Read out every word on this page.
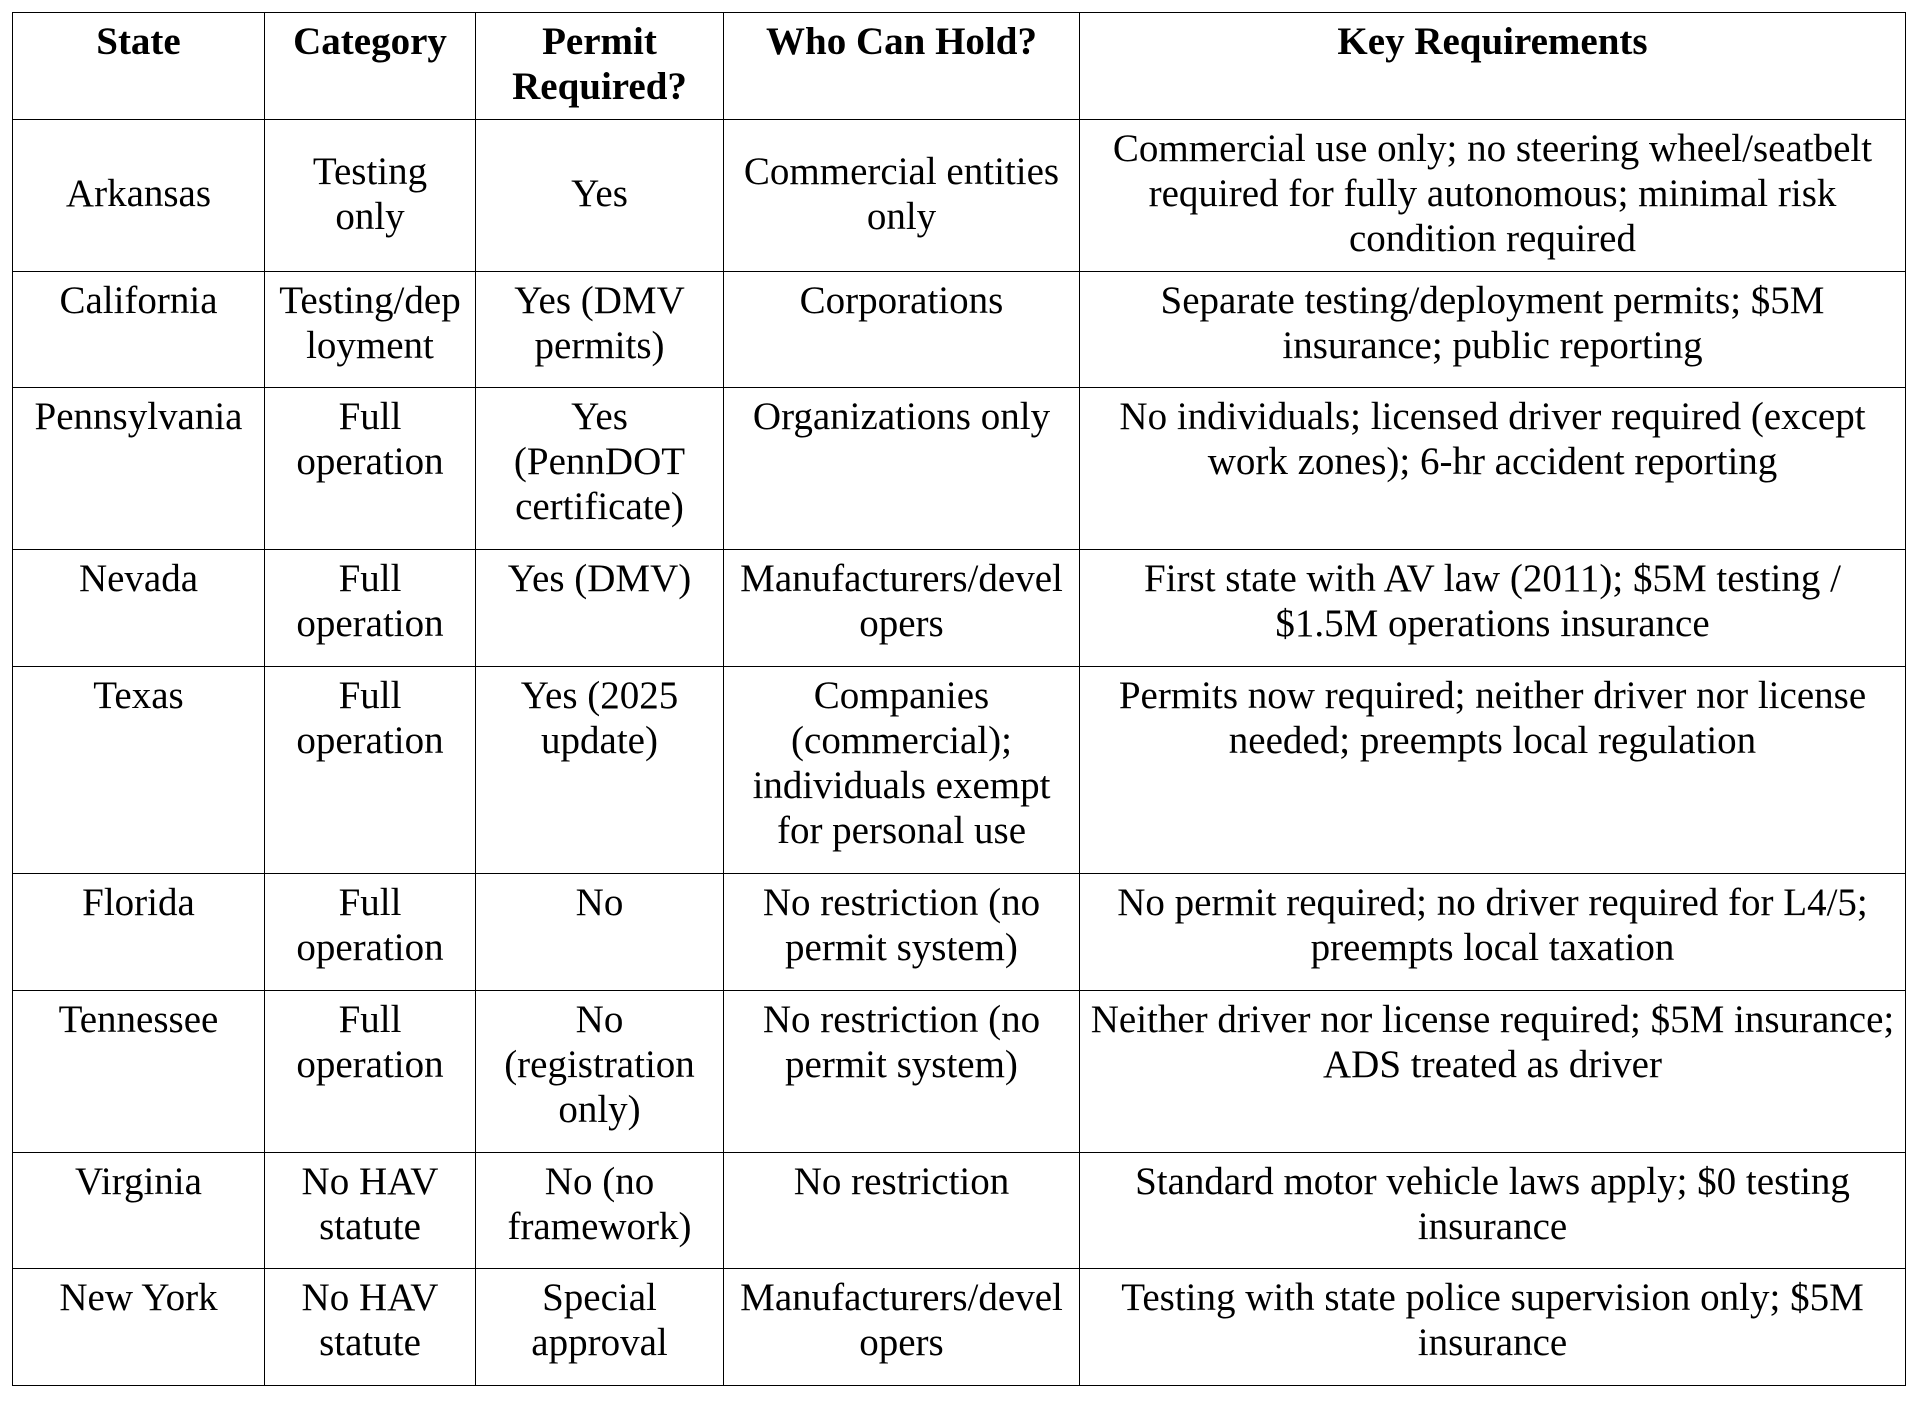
State	Category	Permit Required?	Who Can Hold?	Key Requirements
Arkansas	Testing only	Yes	Commercial entities only	Commercial use only; no steering wheel/seatbelt required for fully autonomous; minimal risk condition required
California	Testing/deployment	Yes (DMV permits)	Corporations	Separate testing/deployment permits; $5M insurance; public reporting
Pennsylvania	Full operation	Yes (PennDOT certificate)	Organizations only	No individuals; licensed driver required (except work zones); 6-hr accident reporting
Nevada	Full operation	Yes (DMV)	Manufacturers/developers	First state with AV law (2011); $5M testing / $1.5M operations insurance
Texas	Full operation	Yes (2025 update)	Companies (commercial); individuals exempt for personal use	Permits now required; neither driver nor license needed; preempts local regulation
Florida	Full operation	No	No restriction (no permit system)	No permit required; no driver required for L4/5; preempts local taxation
Tennessee	Full operation	No (registration only)	No restriction (no permit system)	Neither driver nor license required; $5M insurance; ADS treated as driver
Virginia	No HAV statute	No (no framework)	No restriction	Standard motor vehicle laws apply; $0 testing insurance
New York	No HAV statute	Special approval	Manufacturers/developers	Testing with state police supervision only; $5M insurance
